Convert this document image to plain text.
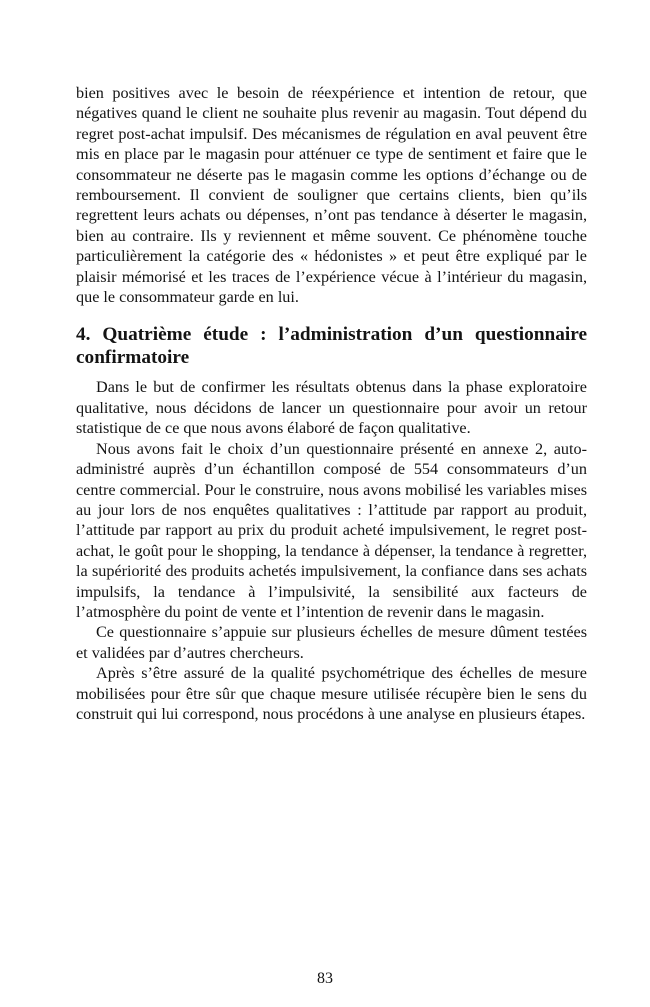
bien positives avec le besoin de réexpérience et intention de retour, que négatives quand le client ne souhaite plus revenir au magasin. Tout dépend du regret post-achat impulsif. Des mécanismes de régulation en aval peuvent être mis en place par le magasin pour atténuer ce type de sentiment et faire que le consommateur ne déserte pas le magasin comme les options d’échange ou de remboursement. Il convient de souligner que certains clients, bien qu’ils regrettent leurs achats ou dépenses, n’ont pas tendance à déserter le magasin, bien au contraire. Ils y reviennent et même souvent. Ce phénomène touche particulièrement la catégorie des « hédonistes » et peut être expliqué par le plaisir mémorisé et les traces de l’expérience vécue à l’intérieur du magasin, que le consommateur garde en lui.

4. Quatrième étude : l’administration d’un questionnaire confirmatoire

Dans le but de confirmer les résultats obtenus dans la phase exploratoire qualitative, nous décidons de lancer un questionnaire pour avoir un retour statistique de ce que nous avons élaboré de façon qualitative.

Nous avons fait le choix d’un questionnaire présenté en annexe 2, auto-administré auprès d’un échantillon composé de 554 consommateurs d’un centre commercial. Pour le construire, nous avons mobilisé les variables mises au jour lors de nos enquêtes qualitatives : l’attitude par rapport au produit, l’attitude par rapport au prix du produit acheté impulsivement, le regret post-achat, le goût pour le shopping, la tendance à dépenser, la tendance à regretter, la supériorité des produits achetés impulsivement, la confiance dans ses achats impulsifs, la tendance à l’impulsivité, la sensibilité aux facteurs de l’atmosphère du point de vente et l’intention de revenir dans le magasin.

Ce questionnaire s’appuie sur plusieurs échelles de mesure dûment testées et validées par d’autres chercheurs.

Après s’être assuré de la qualité psychométrique des échelles de mesure mobilisées pour être sûr que chaque mesure utilisée récupère bien le sens du construit qui lui correspond, nous procédons à une analyse en plusieurs étapes.

83
